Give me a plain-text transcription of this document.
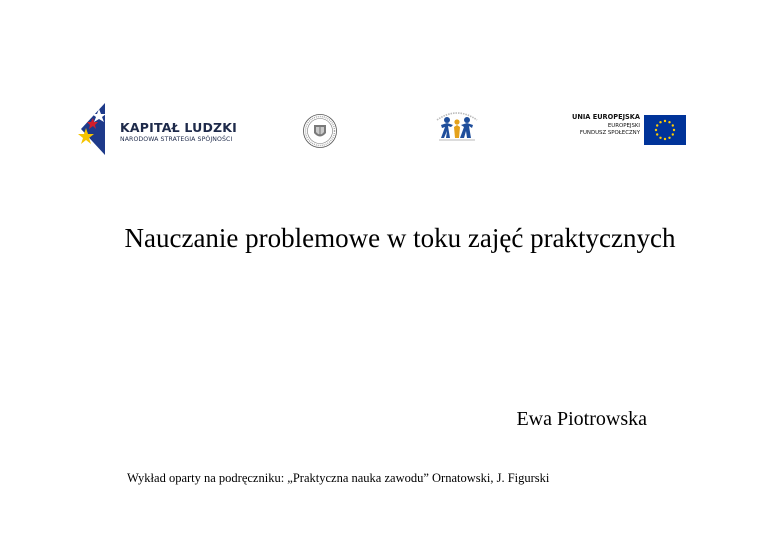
KAPITAŁ LUDZKI
NARODOWA STRATEGIA SPÓJNOŚCI
UNIA EUROPEJSKA
EUROPEJSKI
FUNDUSZ SPOŁECZNY
Nauczanie problemowe w toku zajęć praktycznych
Ewa Piotrowska
Wykład oparty na podręczniku: „Praktyczna nauka zawodu” Ornatowski, J. Figurski
